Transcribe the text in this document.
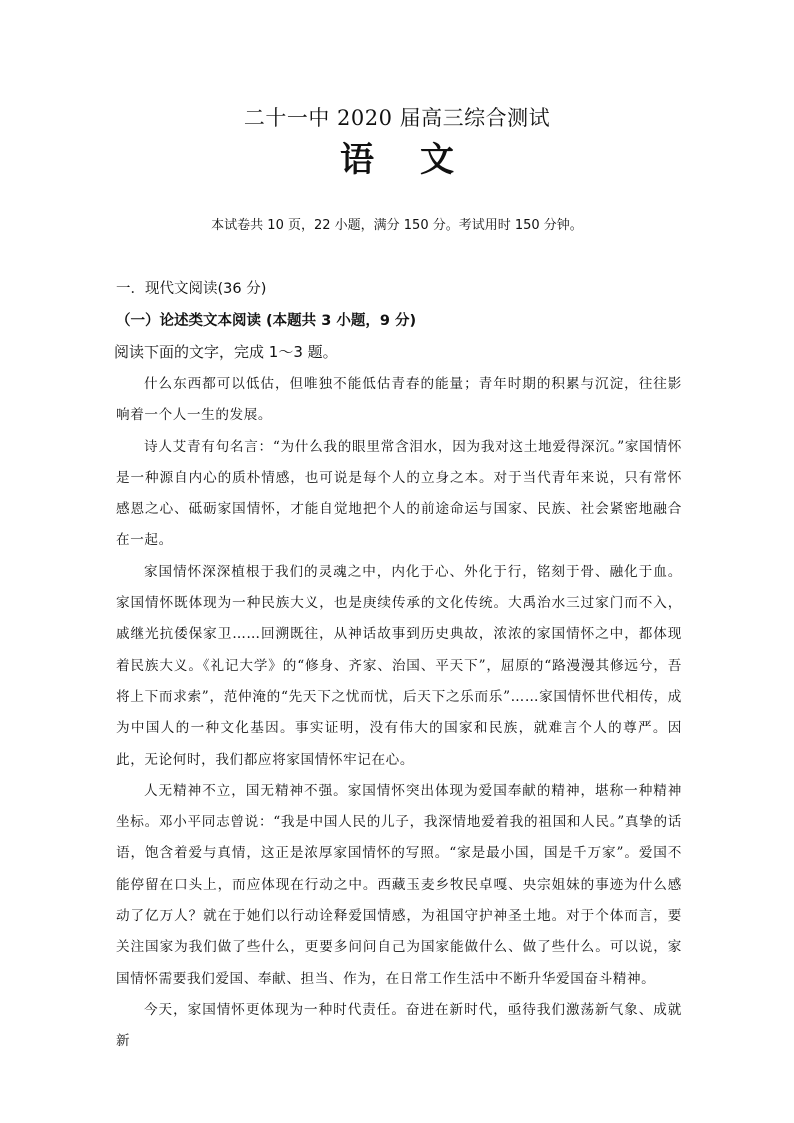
二十一中 2020 届高三综合测试
语文
本试卷共 10 页，22 小题，满分 150 分。考试用时 150 分钟。
一．现代文阅读(36 分)
（一）论述类文本阅读 (本题共 3 小题，9 分)
阅读下面的文字，完成 1～3 题。

什么东西都可以低估，但唯独不能低估青春的能量；青年时期的积累与沉淀，往往影响着一个人一生的发展。

诗人艾青有句名言：“为什么我的眼里常含泪水，因为我对这土地爱得深沉。”家国情怀是一种源自内心的质朴情感，也可说是每个人的立身之本。对于当代青年来说，只有常怀感恩之心、砥砺家国情怀，才能自觉地把个人的前途命运与国家、民族、社会紧密地融合在一起。

家国情怀深深植根于我们的灵魂之中，内化于心、外化于行，铭刻于骨、融化于血。家国情怀既体现为一种民族大义，也是庚续传承的文化传统。大禹治水三过家门而不入，戚继光抗倭保家卫……回溯既往，从神话故事到历史典故，浓浓的家国情怀之中，都体现着民族大义。《礼记大学》的“修身、齐家、治国、平天下”，屈原的“路漫漫其修远兮，吾将上下而求索”，范仲淹的“先天下之忧而忧，后天下之乐而乐”……家国情怀世代相传，成为中国人的一种文化基因。事实证明，没有伟大的国家和民族，就难言个人的尊严。因此，无论何时，我们都应将家国情怀牢记在心。

人无精神不立，国无精神不强。家国情怀突出体现为爱国奉献的精神，堪称一种精神坐标。邓小平同志曾说：“我是中国人民的儿子，我深情地爱着我的祖国和人民。”真挚的话语，饱含着爱与真情，这正是浓厚家国情怀的写照。“家是最小国，国是千万家”。爱国不能停留在口头上，而应体现在行动之中。西藏玉麦乡牧民卓嘎、央宗姐妹的事迹为什么感动了亿万人？就在于她们以行动诠释爱国情感，为祖国守护神圣土地。对于个体而言，要关注国家为我们做了些什么，更要多问问自己为国家能做什么、做了些什么。可以说，家国情怀需要我们爱国、奉献、担当、作为，在日常工作生活中不断升华爱国奋斗精神。

今天，家国情怀更体现为一种时代责任。奋进在新时代，亟待我们激荡新气象、成就新
